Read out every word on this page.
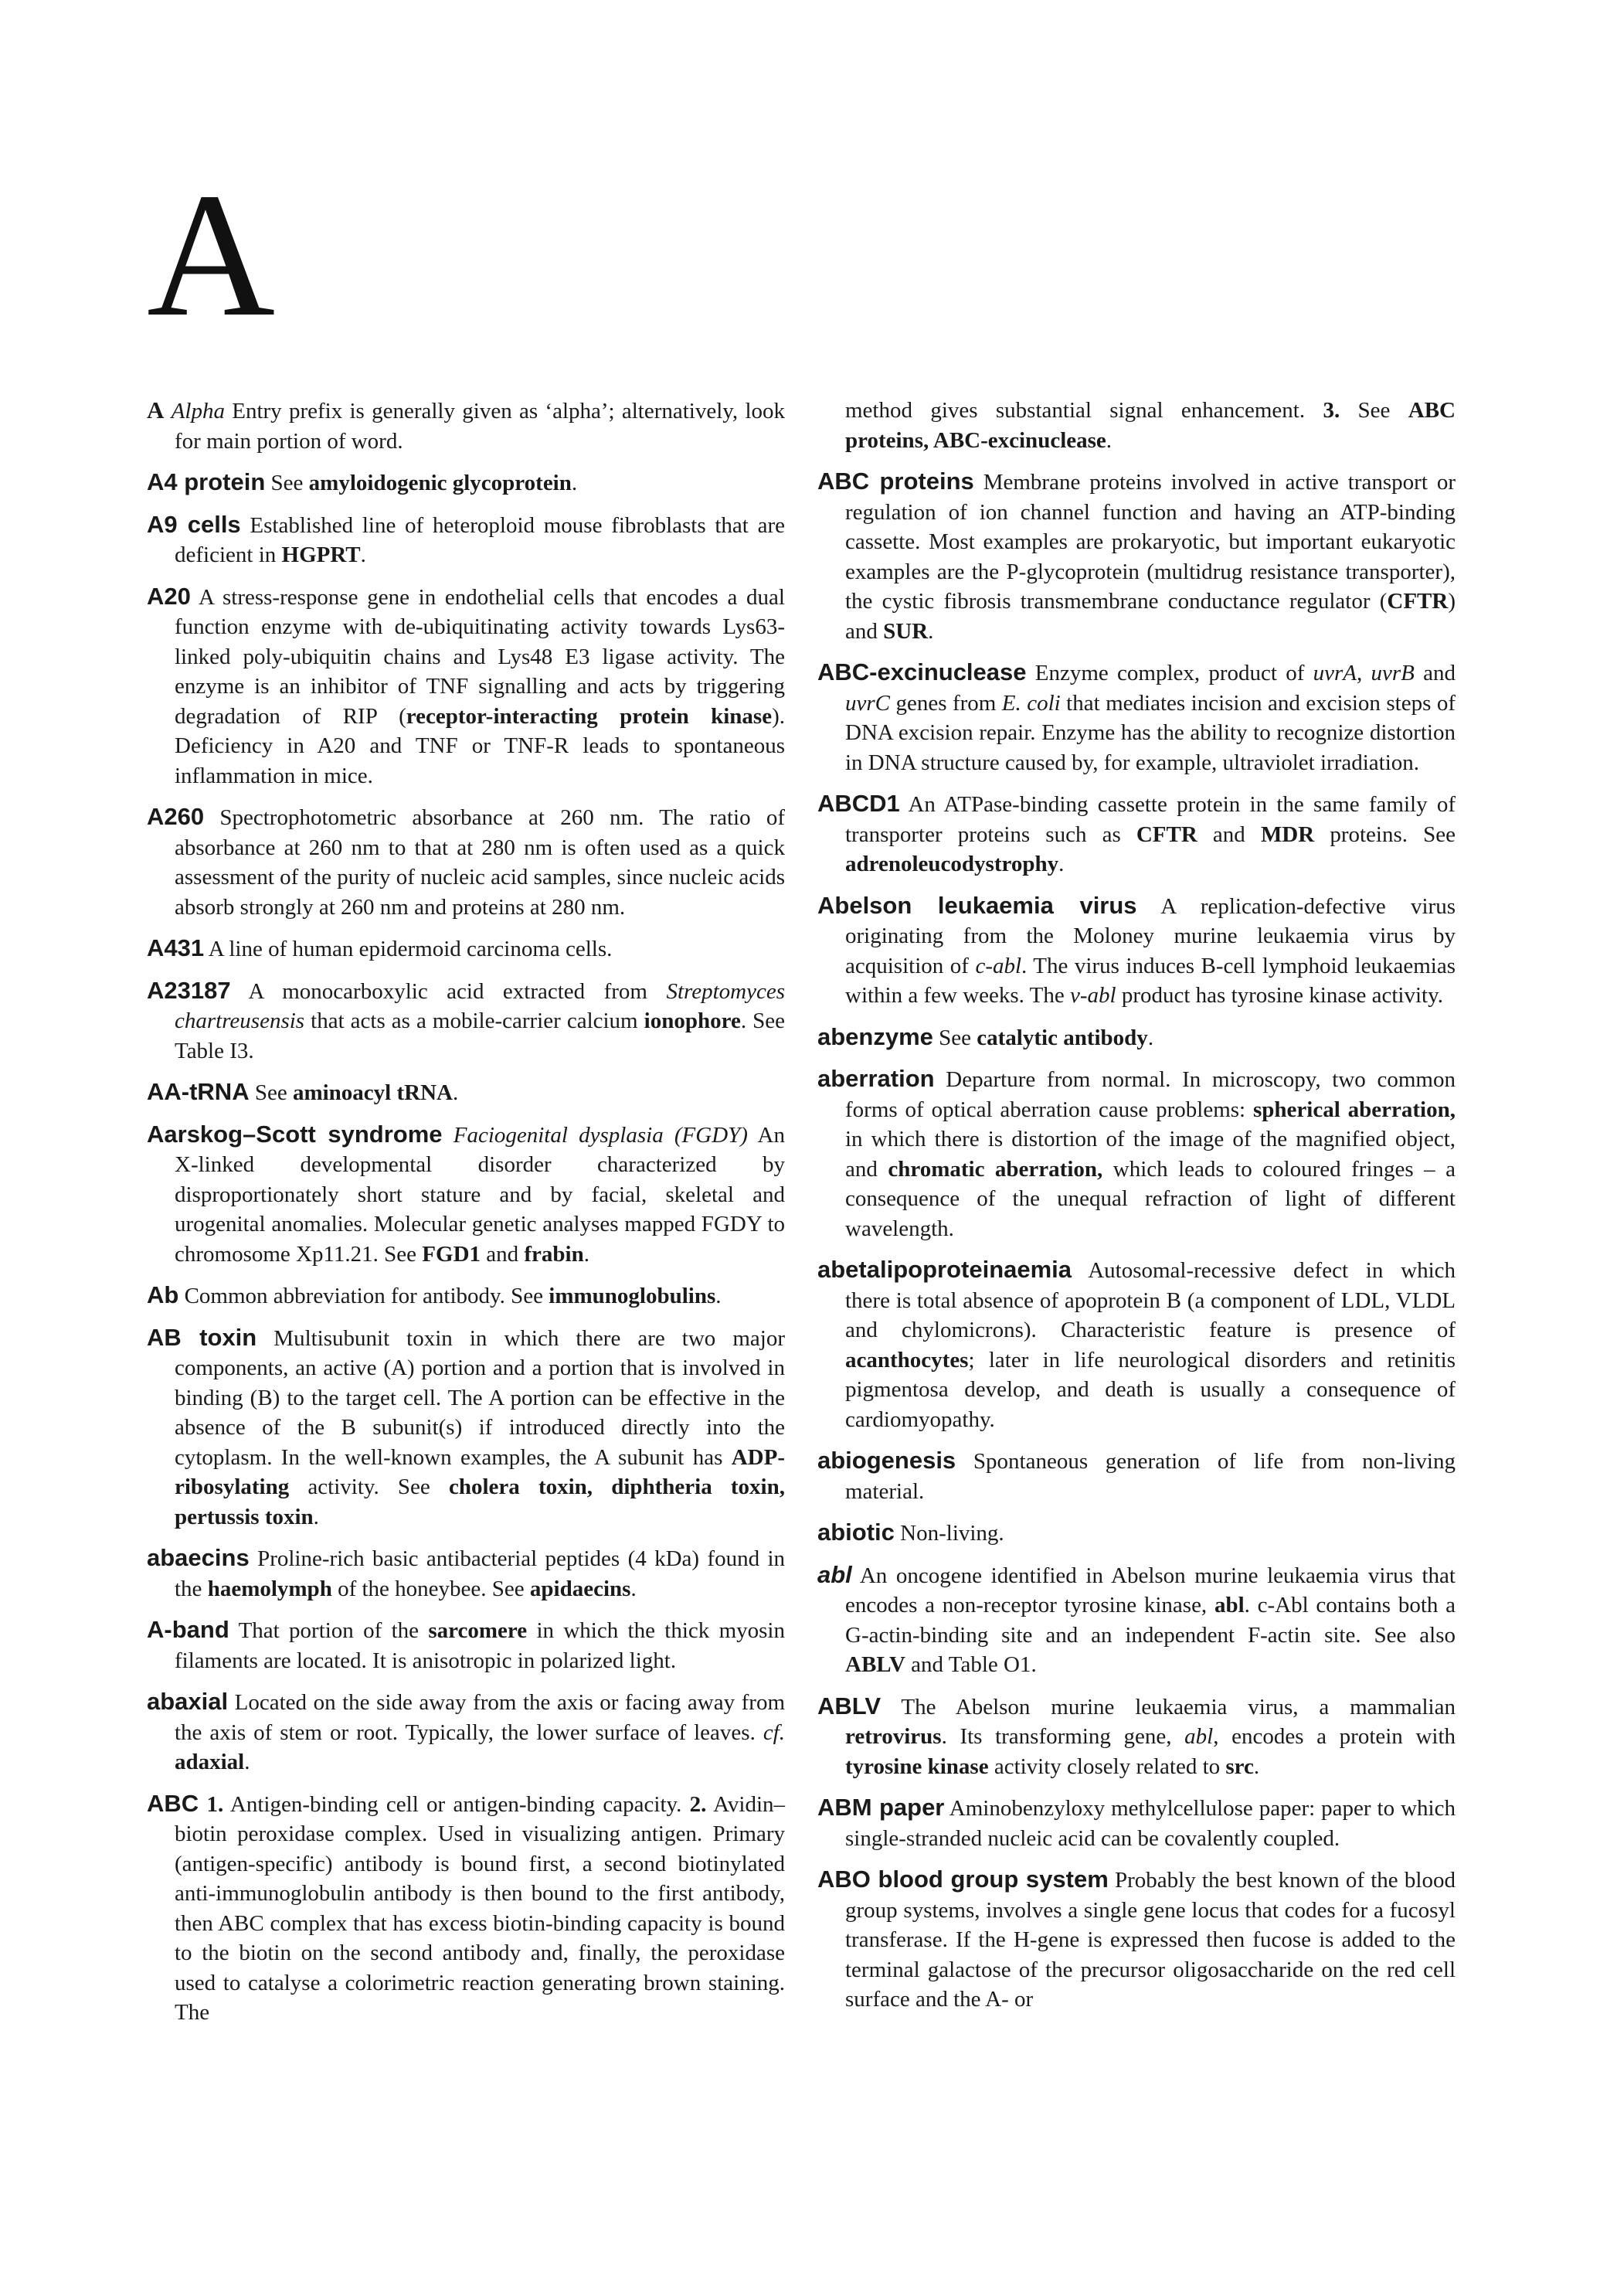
A

A Alpha Entry prefix is generally given as ‘alpha’; alternatively, look for main portion of word.

A4 protein See amyloidogenic glycoprotein.

A9 cells Established line of heteroploid mouse fibroblasts that are deficient in HGPRT.

A20 A stress-response gene in endothelial cells that encodes a dual function enzyme with de-ubiquitinating activity towards Lys63-linked poly-ubiquitin chains and Lys48 E3 ligase activity. The enzyme is an inhibitor of TNF signalling and acts by triggering degradation of RIP (receptor-interacting protein kinase). Deficiency in A20 and TNF or TNF-R leads to spontaneous inflammation in mice.

A260 Spectrophotometric absorbance at 260 nm. The ratio of absorbance at 260 nm to that at 280 nm is often used as a quick assessment of the purity of nucleic acid samples, since nucleic acids absorb strongly at 260 nm and proteins at 280 nm.

A431 A line of human epidermoid carcinoma cells.

A23187 A monocarboxylic acid extracted from Streptomyces chartreusensis that acts as a mobile-carrier calcium ionophore. See Table I3.

AA-tRNA See aminoacyl tRNA.

Aarskog–Scott syndrome Faciogenital dysplasia (FGDY) An X-linked developmental disorder characterized by disproportionately short stature and by facial, skeletal and urogenital anomalies. Molecular genetic analyses mapped FGDY to chromosome Xp11.21. See FGD1 and frabin.

Ab Common abbreviation for antibody. See immunoglobulins.

AB toxin Multisubunit toxin in which there are two major components, an active (A) portion and a portion that is involved in binding (B) to the target cell. The A portion can be effective in the absence of the B subunit(s) if introduced directly into the cytoplasm. In the well-known examples, the A subunit has ADP-ribosylating activity. See cholera toxin, diphtheria toxin, pertussis toxin.

abaecins Proline-rich basic antibacterial peptides (4 kDa) found in the haemolymph of the honeybee. See apidaecins.

A-band That portion of the sarcomere in which the thick myosin filaments are located. It is anisotropic in polarized light.

abaxial Located on the side away from the axis or facing away from the axis of stem or root. Typically, the lower surface of leaves. cf. adaxial.

ABC 1. Antigen-binding cell or antigen-binding capacity. 2. Avidin–biotin peroxidase complex. Used in visualizing antigen. Primary (antigen-specific) antibody is bound first, a second biotinylated anti-immunoglobulin antibody is then bound to the first antibody, then ABC complex that has excess biotin-binding capacity is bound to the biotin on the second antibody and, finally, the peroxidase used to catalyse a colorimetric reaction generating brown staining. The

method gives substantial signal enhancement. 3. See ABC proteins, ABC-excinuclease.

ABC proteins Membrane proteins involved in active transport or regulation of ion channel function and having an ATP-binding cassette. Most examples are prokaryotic, but important eukaryotic examples are the P-glycoprotein (multidrug resistance transporter), the cystic fibrosis transmembrane conductance regulator (CFTR) and SUR.

ABC-excinuclease Enzyme complex, product of uvrA, uvrB and uvrC genes from E. coli that mediates incision and excision steps of DNA excision repair. Enzyme has the ability to recognize distortion in DNA structure caused by, for example, ultraviolet irradiation.

ABCD1 An ATPase-binding cassette protein in the same family of transporter proteins such as CFTR and MDR proteins. See adrenoleucodystrophy.

Abelson leukaemia virus A replication-defective virus originating from the Moloney murine leukaemia virus by acquisition of c-abl. The virus induces B-cell lymphoid leukaemias within a few weeks. The v-abl product has tyrosine kinase activity.

abenzyme See catalytic antibody.

aberration Departure from normal. In microscopy, two common forms of optical aberration cause problems: spherical aberration, in which there is distortion of the image of the magnified object, and chromatic aberration, which leads to coloured fringes – a consequence of the unequal refraction of light of different wavelength.

abetalipoproteinaemia Autosomal-recessive defect in which there is total absence of apoprotein B (a component of LDL, VLDL and chylomicrons). Characteristic feature is presence of acanthocytes; later in life neurological disorders and retinitis pigmentosa develop, and death is usually a consequence of cardiomyopathy.

abiogenesis Spontaneous generation of life from non-living material.

abiotic Non-living.

abl An oncogene identified in Abelson murine leukaemia virus that encodes a non-receptor tyrosine kinase, abl. c-Abl contains both a G-actin-binding site and an independent F-actin site. See also ABLV and Table O1.

ABLV The Abelson murine leukaemia virus, a mammalian retrovirus. Its transforming gene, abl, encodes a protein with tyrosine kinase activity closely related to src.

ABM paper Aminobenzyloxy methylcellulose paper: paper to which single-stranded nucleic acid can be covalently coupled.

ABO blood group system Probably the best known of the blood group systems, involves a single gene locus that codes for a fucosyl transferase. If the H-gene is expressed then fucose is added to the terminal galactose of the precursor oligosaccharide on the red cell surface and the A- or
